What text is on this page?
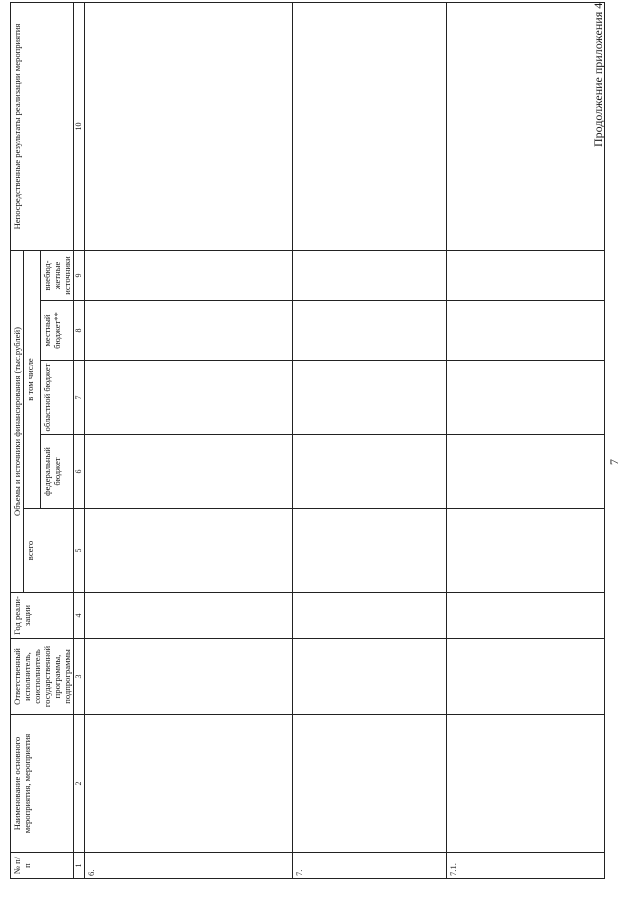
7
Продолжение приложения 4
№ п/п	Наименование основного мероприятия, мероприятия	Ответственный исполнитель, соисполнитель государственной программы, подпрограммы	Год реали-зации	Объемы и источники финансирования (тыс.рублей)					Непосредственные результаты реализации мероприятия
				всего	в том числе				
					федеральный бюджет	областной бюджет	местный бюджет**	внебюд-жетные источники	
1	2	3	4	5	6	7	8	9	10
6.									
7.									
7.1.									
